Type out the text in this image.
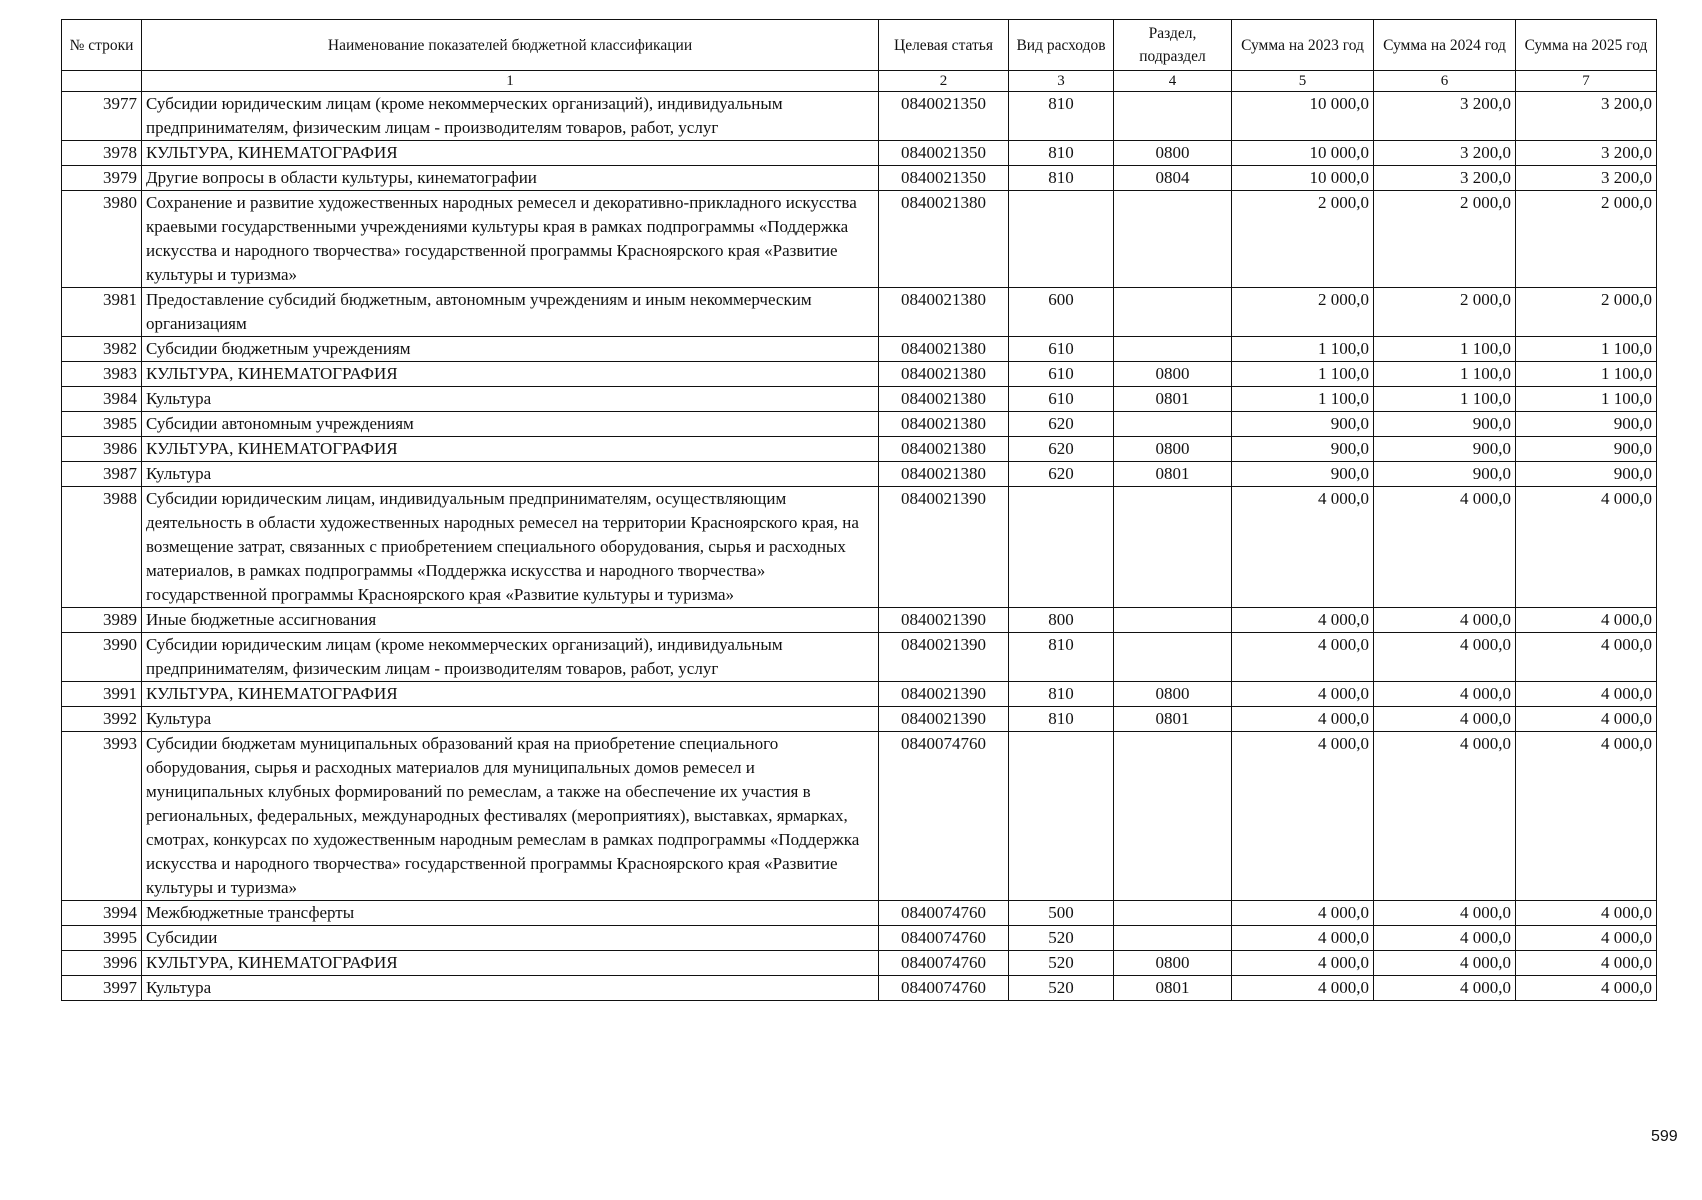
№ строки	Наименование показателей бюджетной классификации	Целевая статья	Вид расходов	Раздел, подраздел	Сумма на 2023 год	Сумма на 2024 год	Сумма на 2025 год
	1	2	3	4	5	6	7
3977	Субсидии юридическим лицам (кроме некоммерческих организаций), индивидуальным предпринимателям, физическим лицам - производителям товаров, работ, услуг	0840021350	810		10 000,0	3 200,0	3 200,0
3978	КУЛЬТУРА, КИНЕМАТОГРАФИЯ	0840021350	810	0800	10 000,0	3 200,0	3 200,0
3979	Другие вопросы в области культуры, кинематографии	0840021350	810	0804	10 000,0	3 200,0	3 200,0
3980	Сохранение и развитие художественных народных ремесел и декоративно-прикладного искусства краевыми государственными учреждениями культуры края в рамках подпрограммы «Поддержка искусства и народного творчества» государственной программы Красноярского края «Развитие культуры и туризма»	0840021380			2 000,0	2 000,0	2 000,0
3981	Предоставление субсидий бюджетным, автономным учреждениям и иным некоммерческим организациям	0840021380	600		2 000,0	2 000,0	2 000,0
3982	Субсидии бюджетным учреждениям	0840021380	610		1 100,0	1 100,0	1 100,0
3983	КУЛЬТУРА, КИНЕМАТОГРАФИЯ	0840021380	610	0800	1 100,0	1 100,0	1 100,0
3984	Культура	0840021380	610	0801	1 100,0	1 100,0	1 100,0
3985	Субсидии автономным учреждениям	0840021380	620		900,0	900,0	900,0
3986	КУЛЬТУРА, КИНЕМАТОГРАФИЯ	0840021380	620	0800	900,0	900,0	900,0
3987	Культура	0840021380	620	0801	900,0	900,0	900,0
3988	Субсидии юридическим лицам, индивидуальным предпринимателям, осуществляющим деятельность в области художественных народных ремесел на территории Красноярского края, на возмещение затрат, связанных с приобретением специального оборудования, сырья и расходных материалов, в рамках подпрограммы «Поддержка искусства и народного творчества» государственной программы Красноярского края «Развитие культуры и туризма»	0840021390			4 000,0	4 000,0	4 000,0
3989	Иные бюджетные ассигнования	0840021390	800		4 000,0	4 000,0	4 000,0
3990	Субсидии юридическим лицам (кроме некоммерческих организаций), индивидуальным предпринимателям, физическим лицам - производителям товаров, работ, услуг	0840021390	810		4 000,0	4 000,0	4 000,0
3991	КУЛЬТУРА, КИНЕМАТОГРАФИЯ	0840021390	810	0800	4 000,0	4 000,0	4 000,0
3992	Культура	0840021390	810	0801	4 000,0	4 000,0	4 000,0
3993	Субсидии бюджетам муниципальных образований края на приобретение специального оборудования, сырья и расходных материалов для муниципальных домов ремесел и муниципальных клубных формирований по ремеслам, а также на обеспечение их участия в региональных, федеральных, международных фестивалях (мероприятиях), выставках, ярмарках, смотрах, конкурсах по художественным народным ремеслам в рамках подпрограммы «Поддержка искусства и народного творчества» государственной программы Красноярского края «Развитие культуры и туризма»	0840074760			4 000,0	4 000,0	4 000,0
3994	Межбюджетные трансферты	0840074760	500		4 000,0	4 000,0	4 000,0
3995	Субсидии	0840074760	520		4 000,0	4 000,0	4 000,0
3996	КУЛЬТУРА, КИНЕМАТОГРАФИЯ	0840074760	520	0800	4 000,0	4 000,0	4 000,0
3997	Культура	0840074760	520	0801	4 000,0	4 000,0	4 000,0
599
